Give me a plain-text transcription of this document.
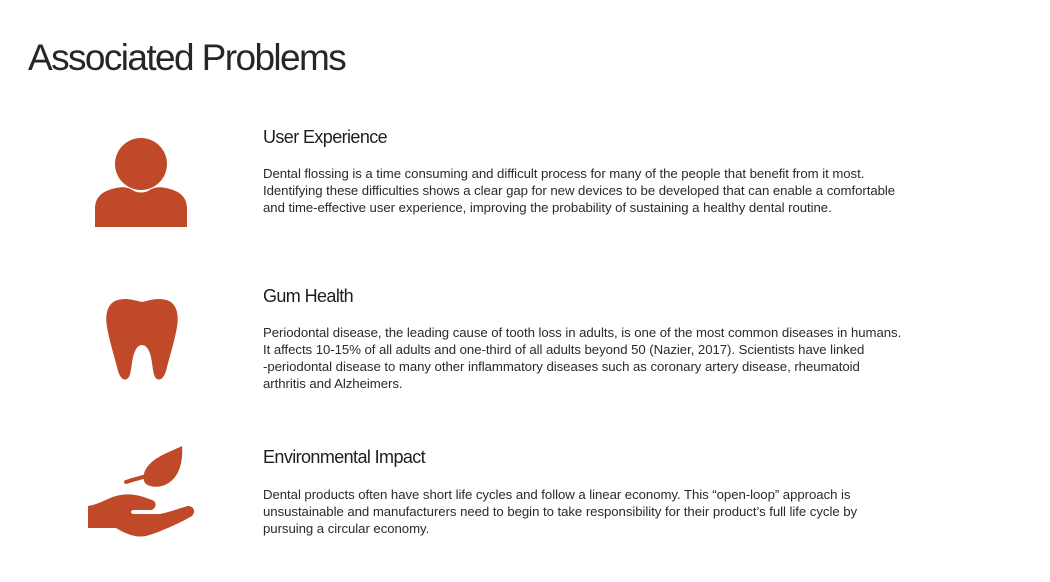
Associated Problems
User Experience

Dental flossing is a time consuming and difficult process for many of the people that benefit from it most.
Identifying these difficulties shows a clear gap for new devices to be developed that can enable a comfortable
and time-effective user experience, improving the probability of sustaining a healthy dental routine.

Gum Health

Periodontal disease, the leading cause of tooth loss in adults, is one of the most common diseases in humans.
It affects 10-15% of all adults and one-third of all adults beyond 50 (Nazier, 2017). Scientists have linked
-periodontal disease to many other inflammatory diseases such as coronary artery disease, rheumatoid
arthritis and Alzheimers.

Environmental Impact

Dental products often have short life cycles and follow a linear economy. This “open-loop” approach is
unsustainable and manufacturers need to begin to take responsibility for their product’s full life cycle by
pursuing a circular economy.
